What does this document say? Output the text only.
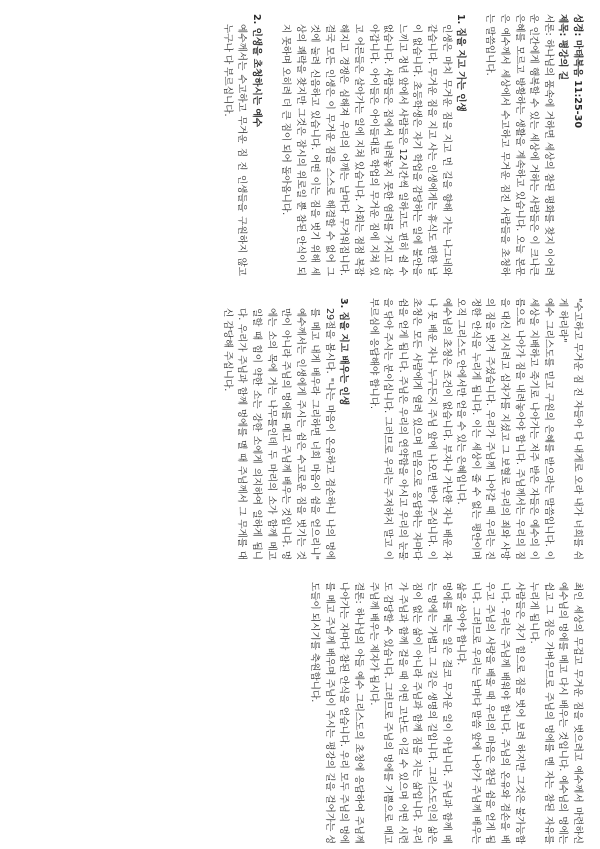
성경: 마태복음 11:25-30

제목: 평강의 길

서론: 하나님의 품속에 거하면 세상의 참된 평화를 찾지 이어려운 인간에게 행복할 수 있는 세상에 거하는 사람들은 이 크나큰 은혜를 모르고 방황하는 생활을 계속하고 있습니다. 오늘 본문은 예수께서 세상에서 수고하고 무거운 짐진 사람들을 초청하는 말씀입니다.

1. 짐을 지고 가는 인생

인생은 마치 무거운 짐을 지고 먼 길을 향해 가는 나그네와 같습니다. 무거운 짐을 지고 사는 인생에게는 휴식도 편한 날이 없습니다. 초등학생은 자기 학업을 감당하는 일에 불안을 느끼고 정년 앞에서 사람들은 12시간씩 일하고도 편히 쉴 수 없습니다. 사람들은 집에서 내려놓지 못한 염려를 가지고 살아갑니다. 아이들은 아이들대로 학업의 무거운 짐에 지쳐 있고 어른들은 살아가는 일에 지쳐 있습니다. 사회는 점점 복잡해지고 경쟁은 심해져 우리의 어깨는 날마다 무거워집니다. 결국 모든 인생은 이 무거운 짐을 스스로 해결할 수 없어 그것에 눌려 신음하고 있습니다. 어떤 이는 짐을 벗기 위해 세상의 쾌락을 찾지만 그것은 잠시의 위로일 뿐 참된 안식이 되지 못하며 오히려 더 큰 짐이 되어 돌아옵니다.

2. 인생을 초청하시는 예수

예수께서는 수고하고 무거운 짐 진 인생들을 구원하지 않고 누구나 다 부르십니다.

"수고하고 무거운 짐 진 자들아 다 내게로 오라 내가 너희를 쉬게 하리라"

예수 그리스도를 믿고 구원의 은혜를 받으라는 말씀입니다. 이 세상을 지배하고 죽기로 나아가는 저주 받은 자들은 예수의 이름으로 나아가 짐을 내려놓아야 합니다. 주님께서는 우리의 짐을 대신 지시려고 십자가를 지셨고 그 보혈로 우리의 죄와 사망의 짐을 벗겨 주셨습니다. 우리가 주님께 나아갈 때 우리는 진정한 안식을 누리게 됩니다. 이는 세상이 줄 수 없는 평안이며 오직 그리스도 안에서만 얻을 수 있는 은혜입니다.

예수님의 초청은 조건이 없습니다. 부자나 가난한 자나 배운 자나 못 배운 자나 누구든지 주님 앞에 나오면 받아 주십니다. 이 초청은 모든 사람에게 열려 있으며 믿음으로 응답하는 자마다 쉼을 얻게 됩니다. 주님은 우리의 연약함을 아시고 우리의 눈물을 닦아 주시는 분이십니다. 그러므로 우리는 주저하지 말고 이 부르심에 응답해야 합니다.

3. 짐을 지고 배우는 인생

29절을 봅시다. "나는 마음이 온유하고 겸손하니 나의 멍에를 메고 내게 배우라 그리하면 너희 마음이 쉼을 얻으리니" 예수께서는 인생에게 주시는 쉼은 수고로운 짐을 벗기는 것만이 아니라 주님의 멍에를 메고 주님께 배우는 것입니다. 멍에는 소의 목에 거는 나무틀인데 두 마리의 소가 함께 메고 일할 때 힘이 약한 소는 강한 소에게 의지하여 일하게 됩니다. 우리가 주님과 함께 멍에를 멜 때 주님께서 그 무게를 대신 감당해 주십니다.

최인 세상의 무겁고 무거운 짐을 벗으려고 예수께서 마련하신 예수님의 멍에를 메고 다시 배우는 것입니다. 예수님의 멍에는 쉽고 그 짐은 가벼우므로 주님의 멍에를 멘 자는 참된 자유를 누리게 됩니다.

사람들은 자기 힘으로 짐을 벗어 보려 하지만 그것은 불가능합니다. 우리는 주님께 배워야 합니다. 주님의 온유와 겸손을 배우고 주님의 사랑을 배울 때 우리의 마음은 참된 쉼을 얻게 됩니다. 그러므로 우리는 날마다 말씀 앞에 나아가 주님께 배우는 삶을 살아야 합니다.

멍에를 메는 일은 결코 무거운 일이 아닙니다. 주님과 함께 메는 멍에는 가볍고 그 길은 생명의 길입니다. 그리스도인의 삶은 짐이 없는 삶이 아니라 주님과 함께 짐을 지는 삶입니다. 우리가 주님과 함께 걸을 때 어떤 고난도 이길 수 있으며 어떤 시련도 감당할 수 있습니다. 그러므로 주님의 멍에를 기쁨으로 메고 주님께 배우는 제자가 됩시다.

결론: 하나님의 아들 예수 그리스도의 초청에 응답하여 주님께 나아가는 자마다 참된 안식을 얻습니다. 우리 모두 주님의 멍에를 메고 주님께 배우며 주님이 주시는 평강의 길을 걸어가는 성도들이 되시기를 축원합니다.
